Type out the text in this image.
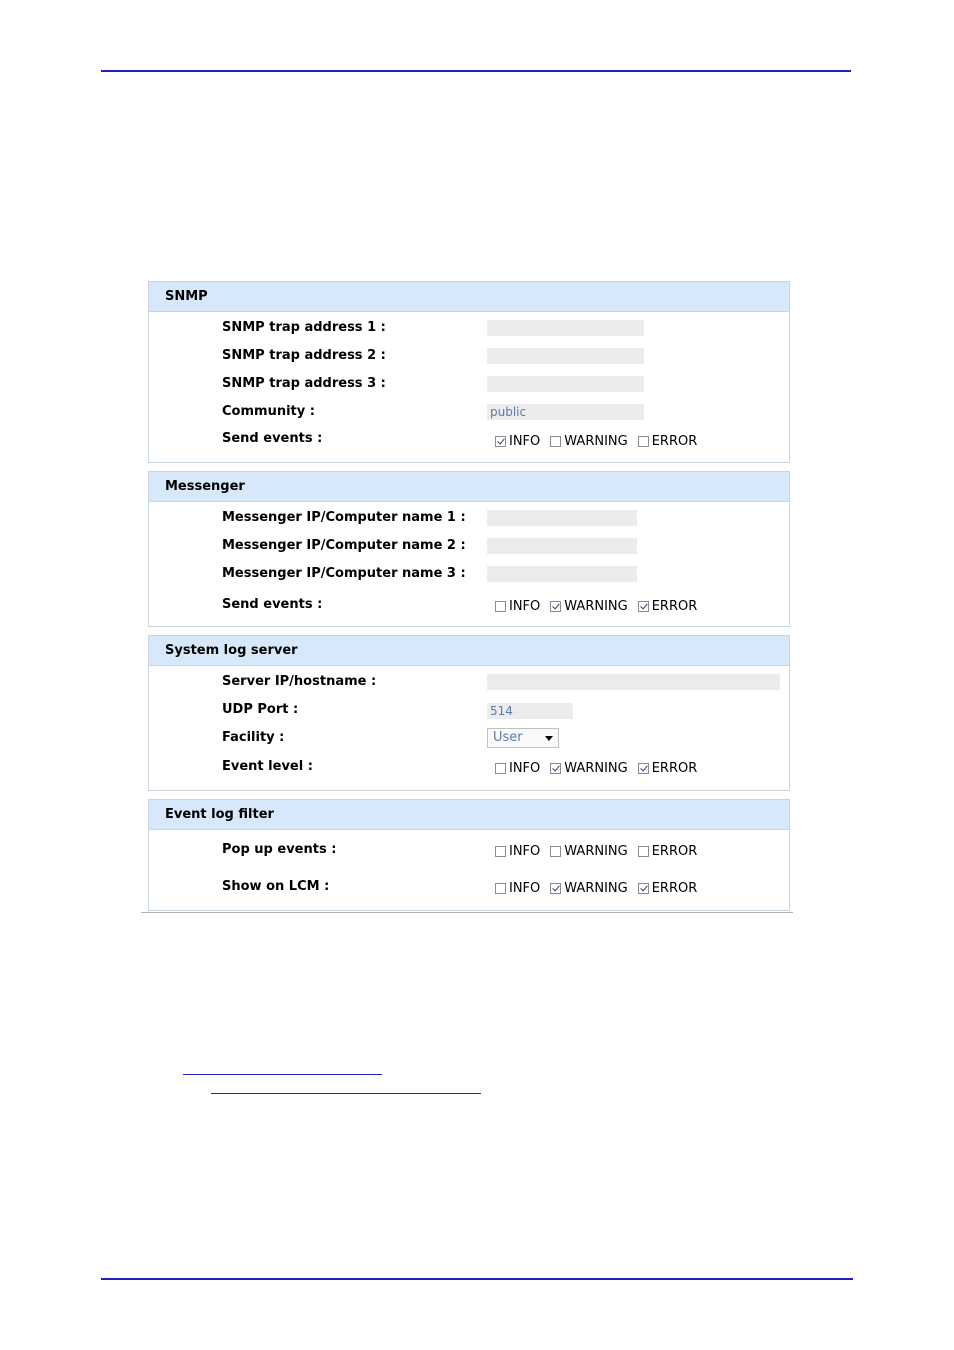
SNMP
SNMP trap address 1 :
SNMP trap address 2 :
SNMP trap address 3 :
Community :	public
Send events :	INFO WARNING ERROR
Messenger
Messenger IP/Computer name 1 :
Messenger IP/Computer name 2 :
Messenger IP/Computer name 3 :
Send events :	INFO WARNING ERROR
System log server
Server IP/hostname :
UDP Port :	514
Facility :	User
Event level :	INFO WARNING ERROR
Event log filter
Pop up events :	INFO WARNING ERROR
Show on LCM :	INFO WARNING ERROR
